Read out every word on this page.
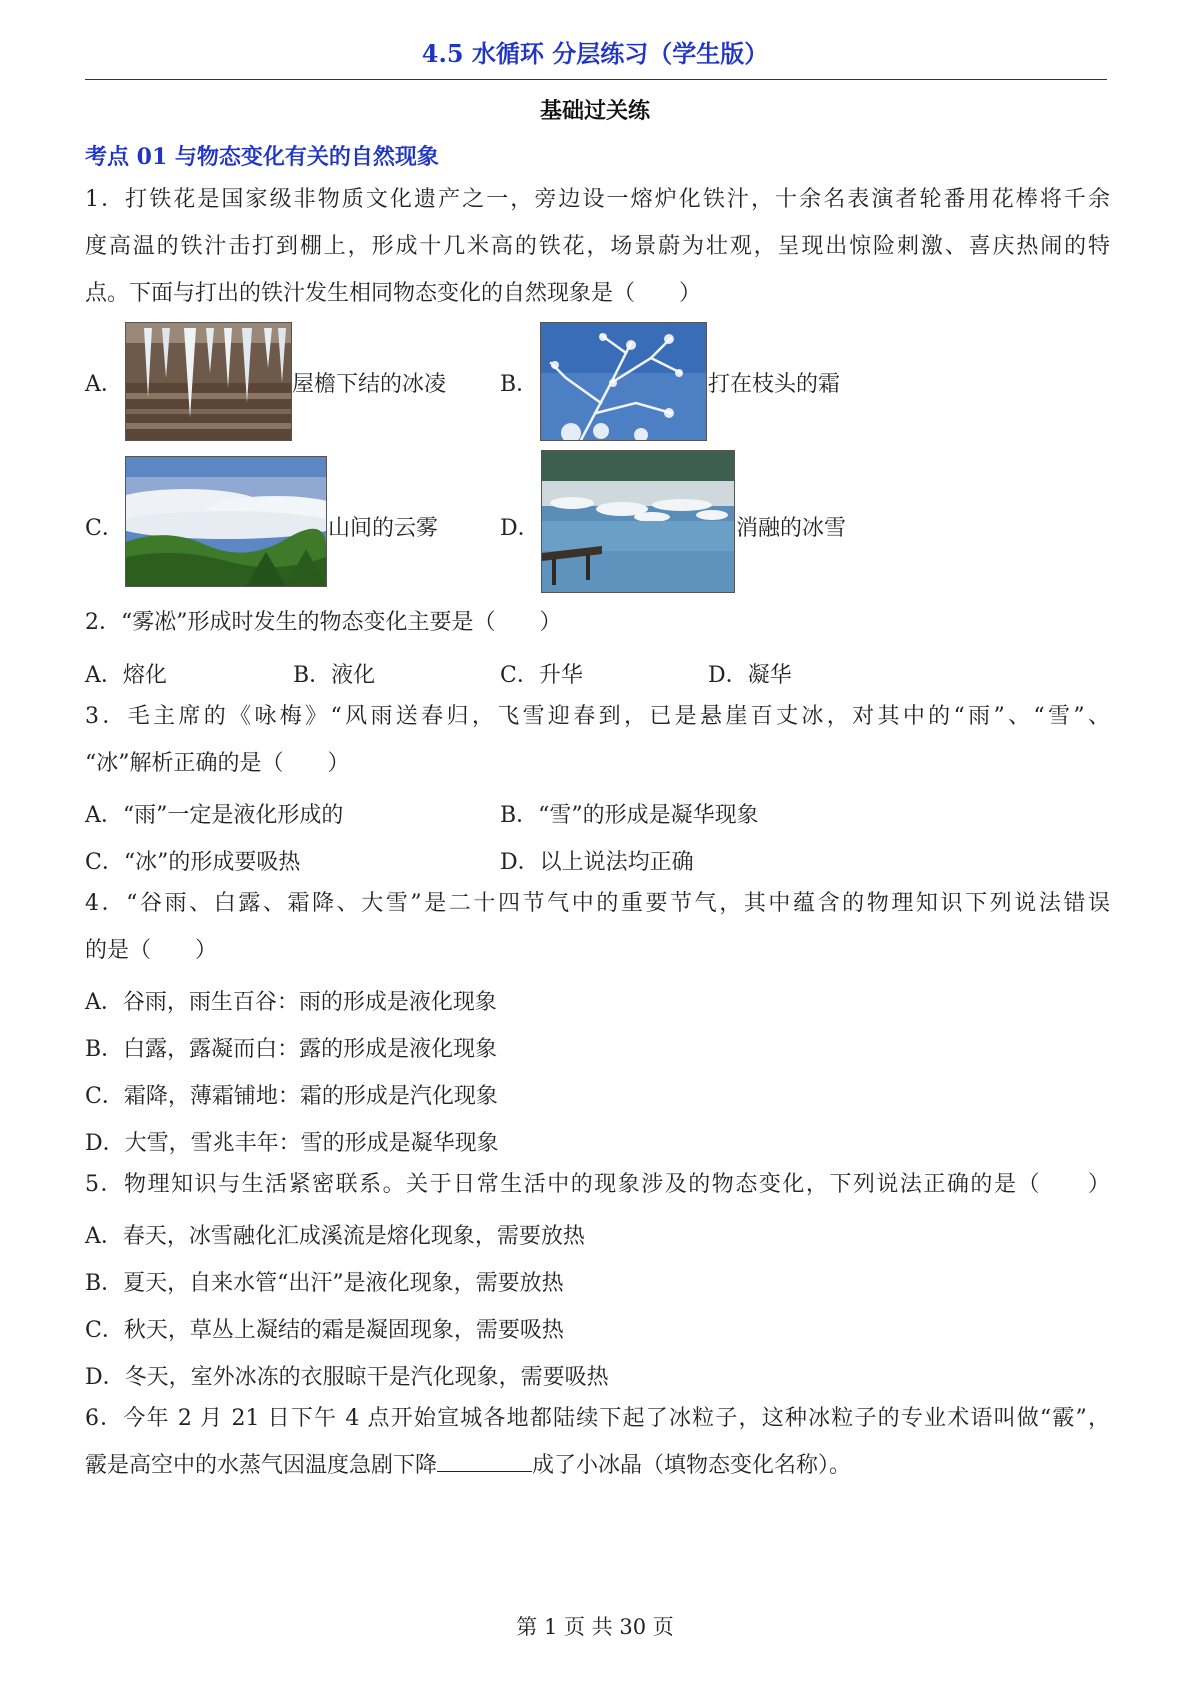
4.5 水循环 分层练习（学生版）
基础过关练
考点 01 与物态变化有关的自然现象
1．打铁花是国家级非物质文化遗产之一，旁边设一熔炉化铁汁，十余名表演者轮番用花棒将千余
度高温的铁汁击打到棚上，形成十几米高的铁花，场景蔚为壮观，呈现出惊险刺激、喜庆热闹的特
点。下面与打出的铁汁发生相同物态变化的自然现象是（　　）
A．	屋檐下结的冰凌 B．	打在枝头的霜
C．	山间的云雾	D．	消融的冰雪
2．“雾凇”形成时发生的物态变化主要是（　　）
A．熔化	B．液化	C．升华	D．凝华
3．毛主席的《咏梅》“风雨送春归，飞雪迎春到，已是悬崖百丈冰，对其中的“雨”、“雪”、
“冰”解析正确的是（　　）
A．“雨”一定是液化形成的	B．“雪”的形成是凝华现象
C．“冰”的形成要吸热	D．以上说法均正确
4．“谷雨、白露、霜降、大雪”是二十四节气中的重要节气，其中蕴含的物理知识下列说法错误
的是（　　）
A．谷雨，雨生百谷：雨的形成是液化现象
B．白露，露凝而白：露的形成是液化现象
C．霜降，薄霜铺地：霜的形成是汽化现象
D．大雪，雪兆丰年：雪的形成是凝华现象
5．物理知识与生活紧密联系。关于日常生活中的现象涉及的物态变化，下列说法正确的是（　　）
A．春天，冰雪融化汇成溪流是熔化现象，需要放热
B．夏天，自来水管“出汗”是液化现象，需要放热
C．秋天，草丛上凝结的霜是凝固现象，需要吸热
D．冬天，室外冰冻的衣服晾干是汽化现象，需要吸热
6．今年 2 月 21 日下午 4 点开始宣城各地都陆续下起了冰粒子，这种冰粒子的专业术语叫做“霰”，
霰是高空中的水蒸气因温度急剧下降	成了小冰晶（填物态变化名称）。
第 1 页 共 30 页
